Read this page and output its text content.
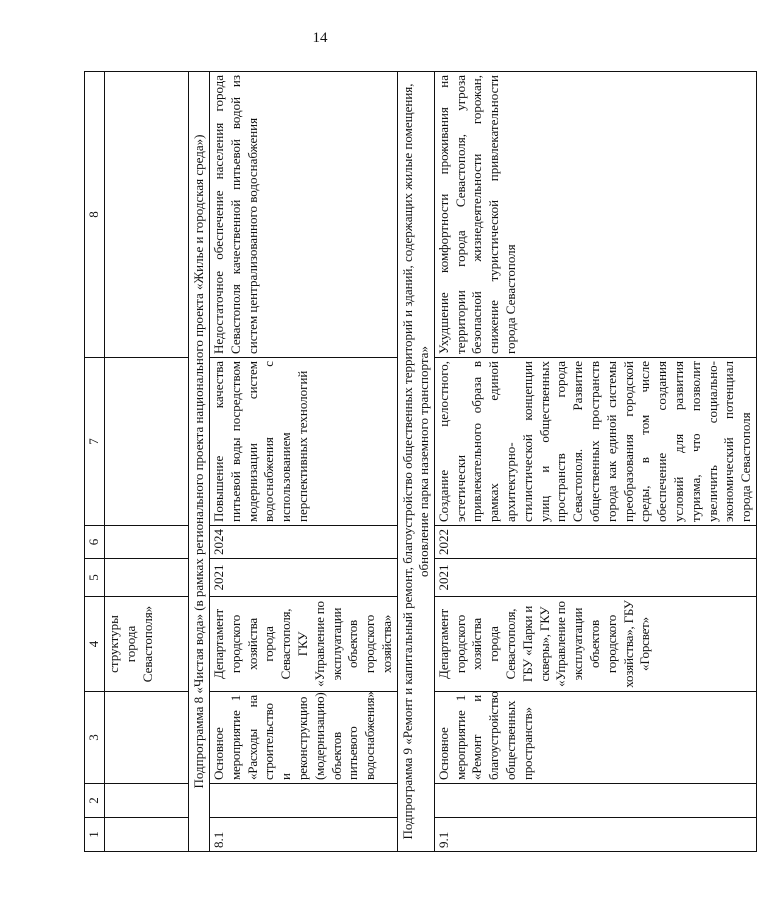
14
1	2	3	4	5	6	7	8
			структуры города Севастополя»				
Подпрограмма 8 «Чистая вода» (в рамках регионального проекта национального проекта «Жилье и городская среда»)							
8.1		Основное мероприятие 1 «Расходы на строительство и реконструкцию (модернизацию) объектов питьевого водоснабжения»	Департамент городского хозяйства города Севастополя, ГКУ «Управление по эксплуатации объектов городского хозяйства»	2021	2024	Повышение качества питьевой воды посредством модернизации систем водоснабжения с использованием перспективных технологий	Недостаточное обеспечение населения города Севастополя качественной питьевой водой из систем централизованного водоснабжения
Подпрограмма 9 «Ремонт и капитальный ремонт, благоустройство общественных территорий и зданий, содержащих жилые помещения, обновление парка наземного транспорта»							
9.1		Основное мероприятие 1 «Ремонт и благоустройство общественных пространств»	Департамент городского хозяйства города Севастополя, ГБУ «Парки и скверы», ГКУ «Управление по эксплуатации объектов городского хозяйства», ГБУ «Горсвет»	2021	2022	Создание целостного, эстетически привлекательного образа в рамках единой архитектурно-стилистической концепции улиц и общественных пространств города Севастополя. Развитие общественных пространств города как единой системы преобразования городской среды, в том числе обеспечение создания условий для развития туризма, что позволит увеличить социально-экономический потенциал города Севастополя	Ухудшение комфортности проживания на территории города Севастополя, угроза безопасной жизнедеятельности горожан, снижение туристической привлекательности города Севастополя
